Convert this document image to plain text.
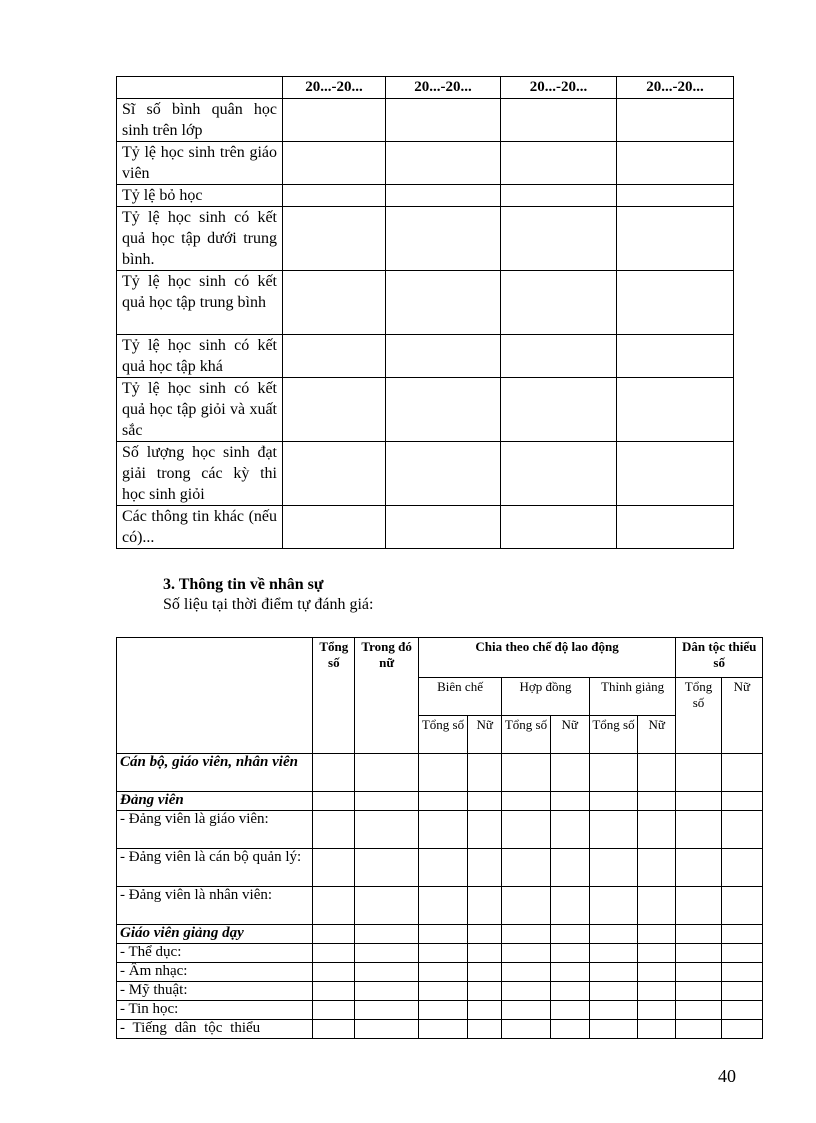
	20...-20...	20...-20...	20...-20...	20...-20...
Sĩ số bình quân học sinh trên lớp				
Tỷ lệ học sinh trên giáo viên				
Tỷ lệ bỏ học				
Tỷ lệ học sinh có kết quả học tập dưới trung bình.				
Tỷ lệ học sinh có kết quả học tập trung bình				
Tỷ lệ học sinh có kết quả học tập khá				
Tỷ lệ học sinh có kết quả học tập giỏi và xuất sắc				
Số lượng học sinh đạt giải trong các kỳ thi học sinh giỏi				
Các thông tin khác (nếu có)...				
3. Thông tin về nhân sự
Số liệu tại thời điểm tự đánh giá:
	Tổng số	Trong đó nữ	Chia theo chế độ lao động						Dân tộc thiểu số	
			Biên chế		Hợp đồng		Thỉnh giảng		Tổng số	Nữ
			Tổng số	Nữ	Tổng số	Nữ	Tổng số	Nữ		
Cán bộ, giáo viên, nhân viên										
Đảng viên										
- Đảng viên là giáo viên:										
- Đảng viên là cán bộ quản lý:										
- Đảng viên là nhân viên:										
Giáo viên giảng dạy										
- Thể dục:										
- Âm nhạc:										
- Mỹ thuật:										
- Tin học:										
- Tiếng dân tộc thiểu										
40
